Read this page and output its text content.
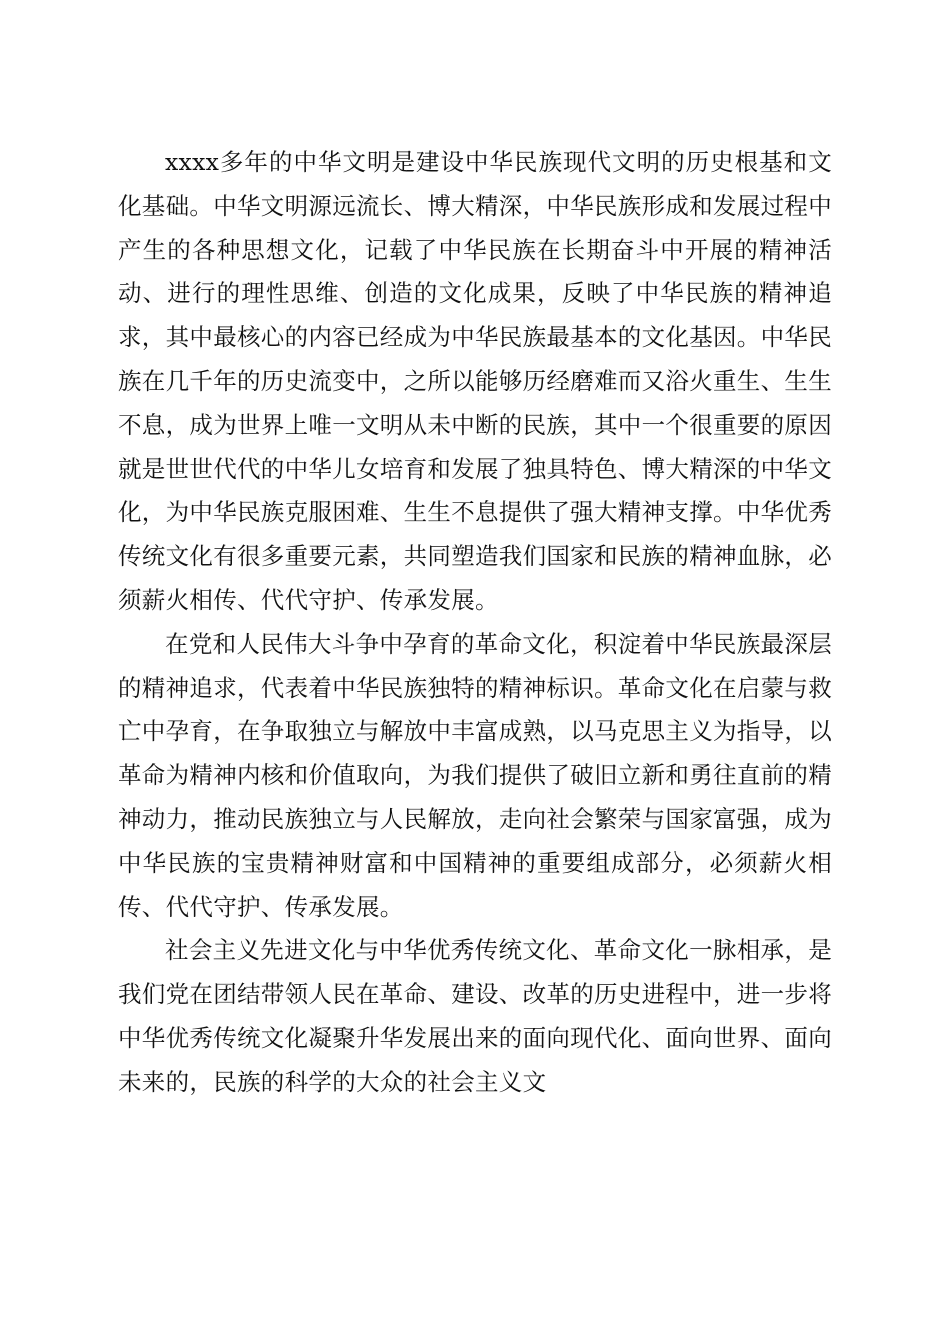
xxxx多年的中华文明是建设中华民族现代文明的历史根基和文化基础。中华文明源远流长、博大精深，中华民族形成和发展过程中产生的各种思想文化，记载了中华民族在长期奋斗中开展的精神活动、进行的理性思维、创造的文化成果，反映了中华民族的精神追求，其中最核心的内容已经成为中华民族最基本的文化基因。中华民族在几千年的历史流变中，之所以能够历经磨难而又浴火重生、生生不息，成为世界上唯一文明从未中断的民族，其中一个很重要的原因就是世世代代的中华儿女培育和发展了独具特色、博大精深的中华文化，为中华民族克服困难、生生不息提供了强大精神支撑。中华优秀传统文化有很多重要元素，共同塑造我们国家和民族的精神血脉，必须薪火相传、代代守护、传承发展。

在党和人民伟大斗争中孕育的革命文化，积淀着中华民族最深层的精神追求，代表着中华民族独特的精神标识。革命文化在启蒙与救亡中孕育，在争取独立与解放中丰富成熟，以马克思主义为指导，以革命为精神内核和价值取向，为我们提供了破旧立新和勇往直前的精神动力，推动民族独立与人民解放，走向社会繁荣与国家富强，成为中华民族的宝贵精神财富和中国精神的重要组成部分，必须薪火相传、代代守护、传承发展。

社会主义先进文化与中华优秀传统文化、革命文化一脉相承，是我们党在团结带领人民在革命、建设、改革的历史进程中，进一步将中华优秀传统文化凝聚升华发展出来的面向现代化、面向世界、面向未来的，民族的科学的大众的社会主义文
